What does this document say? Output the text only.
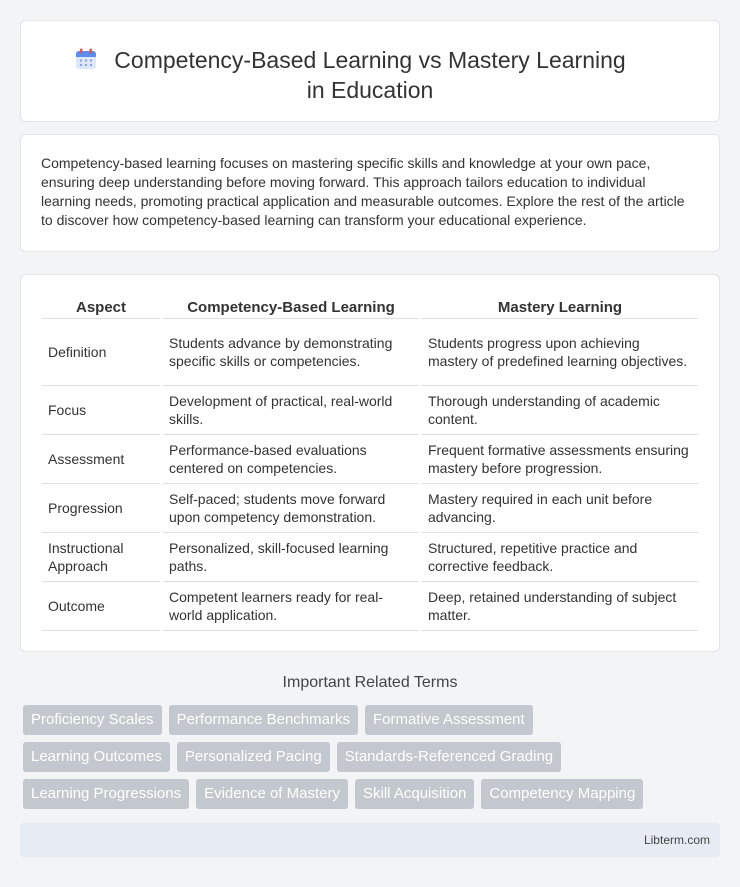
Competency-Based Learning vs Mastery Learning in Education

Competency-based learning focuses on mastering specific skills and knowledge at your own pace, ensuring deep understanding before moving forward. This approach tailors education to individual learning needs, promoting practical application and measurable outcomes. Explore the rest of the article to discover how competency-based learning can transform your educational experience.

Aspect		Competency-Based Learning		Mastery Learning
Definition		Students advance by demonstrating specific skills or competencies.		Students progress upon achieving mastery of predefined learning objectives.
Focus		Development of practical, real-world skills.		Thorough understanding of academic content.
Assessment		Performance-based evaluations centered on competencies.		Frequent formative assessments ensuring mastery before progression.
Progression		Self-paced; students move forward upon competency demonstration.		Mastery required in each unit before advancing.
Instructional Approach		Personalized, skill-focused learning paths.		Structured, repetitive practice and corrective feedback.
Outcome		Competent learners ready for real-world application.		Deep, retained understanding of subject matter.
Important Related Terms
Proficiency Scales	Performance Benchmarks	Formative Assessment
Learning Outcomes	Personalized Pacing	Standards-Referenced Grading
Learning Progressions	Evidence of Mastery	Skill Acquisition	Competency Mapping
Libterm.com
